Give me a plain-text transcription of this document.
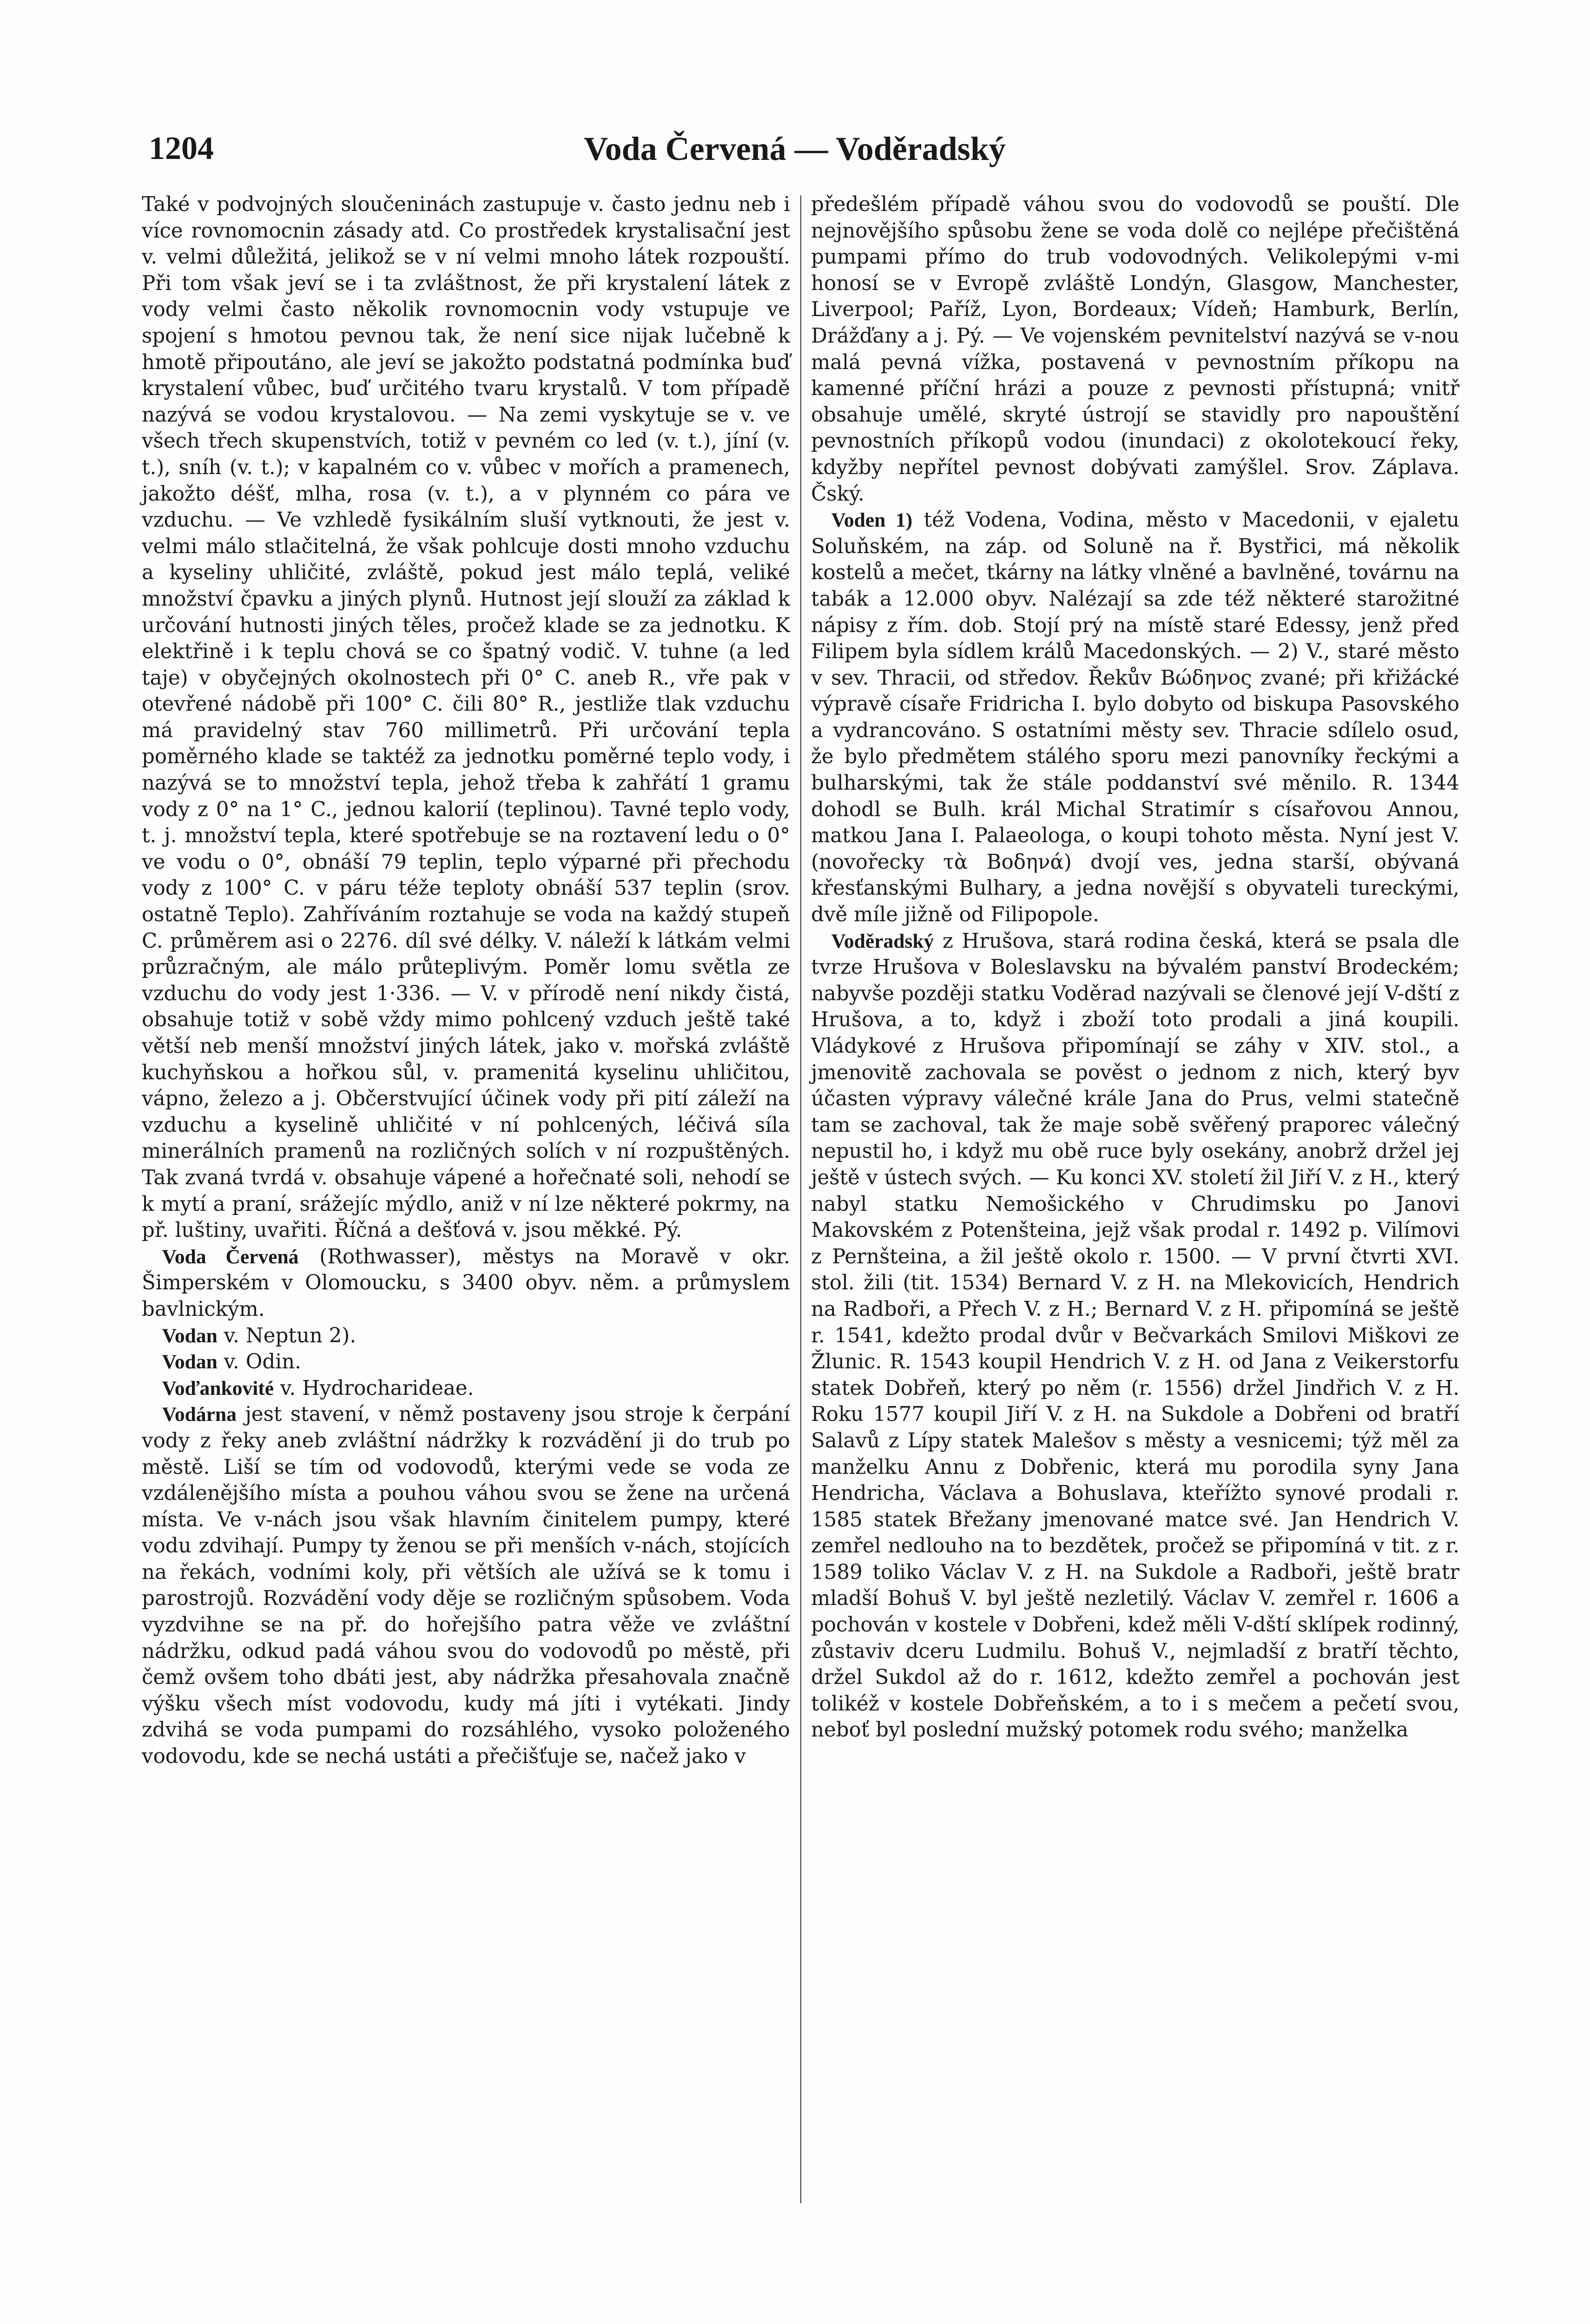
1204	Voda Červená — Voděradský

Také v podvojných sloučeninách zastupuje v. často jednu neb i více rovnomocnin zásady atd. Co prostředek krystalisační jest v. velmi důležitá, jelikož se v ní velmi mnoho látek rozpouští. Při tom však jeví se i ta zvláštnost, že při krystalení látek z vody velmi často několik rovnomocnin vody vstupuje ve spojení s hmotou pevnou tak, že není sice nijak lučebně k hmotě připoutáno, ale jeví se jakožto podstatná podmínka buď krystalení vůbec, buď určitého tvaru krystalů. V tom případě nazývá se vodou krystalovou. — Na zemi vyskytuje se v. ve všech třech skupenstvích, totiž v pevném co led (v. t.), jíní (v. t.), sníh (v. t.); v kapalném co v. vůbec v mořích a pramenech, jakožto déšť, mlha, rosa (v. t.), a v plynném co pára ve vzduchu. — Ve vzhledě fysikálním sluší vytknouti, že jest v. velmi málo stlačitelná, že však pohlcuje dosti mnoho vzduchu a kyseliny uhličité, zvláště, pokud jest málo teplá, veliké množství čpavku a jiných plynů. Hutnost její slouží za základ k určování hutnosti jiných těles, pročež klade se za jednotku. K elektřině i k teplu chová se co špatný vodič. V. tuhne (a led taje) v obyčejných okolnostech při 0° C. aneb R., vře pak v otevřené nádobě při 100° C. čili 80° R., jestliže tlak vzduchu má pravidelný stav 760 millimetrů. Při určování tepla poměrného klade se taktéž za jednotku poměrné teplo vody, i nazývá se to množství tepla, jehož třeba k zahřátí 1 gramu vody z 0° na 1° C., jednou kalorií (teplinou). Tavné teplo vody, t. j. množství tepla, které spotřebuje se na roztavení ledu o 0° ve vodu o 0°, obnáší 79 teplin, teplo výparné při přechodu vody z 100° C. v páru téže teploty obnáší 537 teplin (srov. ostatně Teplo). Zahříváním roztahuje se voda na každý stupeň C. průměrem asi o 2276. díl své délky. V. náleží k látkám velmi průzračným, ale málo průteplivým. Poměr lomu světla ze vzduchu do vody jest 1·336. — V. v přírodě není nikdy čistá, obsahuje totiž v sobě vždy mimo pohlcený vzduch ještě také větší neb menší množství jiných látek, jako v. mořská zvláště kuchyňskou a hořkou sůl, v. pramenitá kyselinu uhličitou, vápno, železo a j. Občerstvující účinek vody při pití záleží na vzduchu a kyselině uhličité v ní pohlcených, léčivá síla minerálních pramenů na rozličných solích v ní rozpuštěných. Tak zvaná tvrdá v. obsahuje vápené a hořečnaté soli, nehodí se k mytí a praní, srážejíc mýdlo, aniž v ní lze některé pokrmy, na př. luštiny, uvařiti. Říčná a dešťová v. jsou měkké. Pý.

 Voda Červená (Rothwasser), městys na Moravě v okr. Šimperském v Olomoucku, s 3400 obyv. něm. a průmyslem bavlnickým.

 Vodan v. Neptun 2).

 Vodan v. Odin.

 Voďankovité v. Hydrocharideae.

 Vodárna jest stavení, v němž postaveny jsou stroje k čerpání vody z řeky aneb zvláštní nádržky k rozvádění ji do trub po městě. Liší se tím od vodovodů, kterými vede se voda ze vzdálenějšího místa a pouhou váhou svou se žene na určená místa. Ve v-nách jsou však hlavním činitelem pumpy, které vodu zdvihají. Pumpy ty ženou se při menších v-nách, stojících na řekách, vodními koly, při větších ale užívá se k tomu i parostrojů. Rozvádění vody děje se rozličným spůsobem. Voda vyzdvihne se na př. do hořejšího patra věže ve zvláštní nádržku, odkud padá váhou svou do vodovodů po městě, při čemž ovšem toho dbáti jest, aby nádržka přesahovala značně výšku všech míst vodovodu, kudy má jíti i vytékati. Jindy zdvihá se voda pumpami do rozsáhlého, vysoko položeného vodovodu, kde se nechá ustáti a přečišťuje se, načež jako v

předešlém případě váhou svou do vodovodů se pouští. Dle nejnovějšího spůsobu žene se voda dolě co nejlépe přečištěná pumpami přímo do trub vodovodných. Velikolepými v-mi honosí se v Evropě zvláště Londýn, Glasgow, Manchester, Liverpool; Paříž, Lyon, Bordeaux; Vídeň; Hamburk, Berlín, Drážďany a j. Pý. — Ve vojenském pevnitelství nazývá se v-nou malá pevná vížka, postavená v pevnostním příkopu na kamenné příční hrázi a pouze z pevnosti přístupná; vnitř obsahuje umělé, skryté ústrojí se stavidly pro napouštění pevnostních příkopů vodou (inundaci) z okolotekoucí řeky, kdyžby nepřítel pevnost dobývati zamýšlel. Srov. Záplava. Čský.

 Voden 1) též Vodena, Vodina, město v Macedonii, v ejaletu Soluňském, na záp. od Soluně na ř. Bystřici, má několik kostelů a mečet, tkárny na látky vlněné a bavlněné, továrnu na tabák a 12.000 obyv. Nalézají sa zde též některé starožitné nápisy z řím. dob. Stojí prý na místě staré Edessy, jenž před Filipem byla sídlem králů Macedonských. — 2) V., staré město v sev. Thracii, od středov. Řekův Βώδηνος zvané; při křižácké výpravě císaře Fridricha I. bylo dobyto od biskupa Pasovského a vydrancováno. S ostatními městy sev. Thracie sdílelo osud, že bylo předmětem stálého sporu mezi panovníky řeckými a bulharskými, tak že stále poddanství své měnilo. R. 1344 dohodl se Bulh. král Michal Stratimír s císařovou Annou, matkou Jana I. Palaeologa, o koupi tohoto města. Nyní jest V. (novořecky τὰ Βοδηνά) dvojí ves, jedna starší, obývaná křesťanskými Bulhary, a jedna novější s obyvateli tureckými, dvě míle jižně od Filipopole.

 Voděradský z Hrušova, stará rodina česká, která se psala dle tvrze Hrušova v Boleslavsku na bývalém panství Brodeckém; nabyvše později statku Voděrad nazývali se členové její V-dští z Hrušova, a to, když i zboží toto prodali a jiná koupili. Vládykové z Hrušova připomínají se záhy v XIV. stol., a jmenovitě zachovala se pověst o jednom z nich, který byv účasten výpravy válečné krále Jana do Prus, velmi statečně tam se zachoval, tak že maje sobě svěřený praporec válečný nepustil ho, i když mu obě ruce byly osekány, anobrž držel jej ještě v ústech svých. — Ku konci XV. století žil Jiří V. z H., který nabyl statku Nemošického v Chrudimsku po Janovi Makovském z Potenšteina, jejž však prodal r. 1492 p. Vilímovi z Pernšteina, a žil ještě okolo r. 1500. — V první čtvrti XVI. stol. žili (tit. 1534) Bernard V. z H. na Mlekovicích, Hendrich na Radboři, a Přech V. z H.; Bernard V. z H. připomíná se ještě r. 1541, kdežto prodal dvůr v Bečvarkách Smilovi Miškovi ze Žlunic. R. 1543 koupil Hendrich V. z H. od Jana z Veikerstorfu statek Dobřeň, který po něm (r. 1556) držel Jindřich V. z H. Roku 1577 koupil Jiří V. z H. na Sukdole a Dobřeni od bratří Salavů z Lípy statek Malešov s městy a vesnicemi; týž měl za manželku Annu z Dobřenic, která mu porodila syny Jana Hendricha, Václava a Bohuslava, kteřížto synové prodali r. 1585 statek Břežany jmenované matce své. Jan Hendrich V. zemřel nedlouho na to bezdětek, pročež se připomíná v tit. z r. 1589 toliko Václav V. z H. na Sukdole a Radboři, ještě bratr mladší Bohuš V. byl ještě nezletilý. Václav V. zemřel r. 1606 a pochován v kostele v Dobřeni, kdež měli V-dští sklípek rodinný, zůstaviv dceru Ludmilu. Bohuš V., nejmladší z bratří těchto, držel Sukdol až do r. 1612, kdežto zemřel a pochován jest tolikéž v kostele Dobřeňském, a to i s mečem a pečetí svou, neboť byl poslední mužský potomek rodu svého; manželka
